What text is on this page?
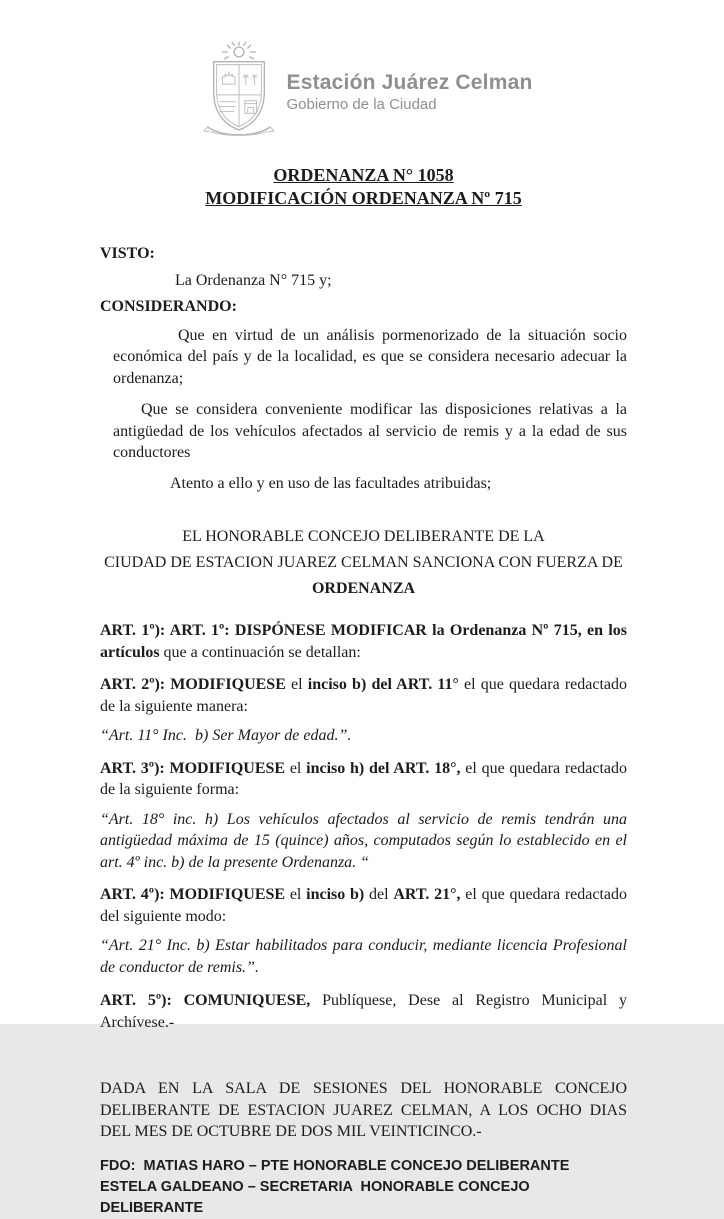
Estación Juárez Celman
Gobierno de la Ciudad
ORDENANZA N° 1058
MODIFICACIÓN ORDENANZA Nº 715

VISTO:

La Ordenanza N° 715 y;

CONSIDERANDO:

Que en virtud de un análisis pormenorizado de la situación socio económica del país y de la localidad, es que se considera necesario adecuar la ordenanza;

Que se considera conveniente modificar las disposiciones relativas a la antigüedad de los vehículos afectados al servicio de remis y a la edad de sus conductores

Atento a ello y en uso de las facultades atribuidas;

EL HONORABLE CONCEJO DELIBERANTE DE LA
CIUDAD DE ESTACION JUAREZ CELMAN SANCIONA CON FUERZA DE
ORDENANZA

ART. 1º): ART. 1º: DISPÓNESE MODIFICAR la Ordenanza Nº 715, en los artículos que a continuación se detallan:

ART. 2º): MODIFIQUESE el inciso b) del ART. 11° el que quedara redactado de la siguiente manera:

“Art. 11° Inc.  b) Ser Mayor de edad.”.

ART. 3º): MODIFIQUESE el inciso h) del ART. 18°, el que quedara redactado de la siguiente forma:

“Art. 18° inc. h) Los vehículos afectados al servicio de remis tendrán una antigüedad máxima de 15 (quince) años, computados según lo establecido en el art. 4º inc. b) de la presente Ordenanza. “

ART. 4º): MODIFIQUESE el inciso b) del ART. 21°, el que quedara redactado del siguiente modo:

“Art. 21° Inc. b) Estar habilitados para conducir, mediante licencia Profesional de conductor de remis.”.

ART. 5º): COMUNIQUESE, Publíquese, Dese al Registro Municipal y Archívese.-

DADA EN LA SALA DE SESIONES DEL HONORABLE CONCEJO DELIBERANTE DE ESTACION JUAREZ CELMAN, A LOS OCHO DIAS DEL MES DE OCTUBRE DE DOS MIL VEINTICINCO.-

FDO:  MATIAS HARO – PTE HONORABLE CONCEJO DELIBERANTE
ESTELA GALDEANO – SECRETARIA  HONORABLE CONCEJO DELIBERANTE
